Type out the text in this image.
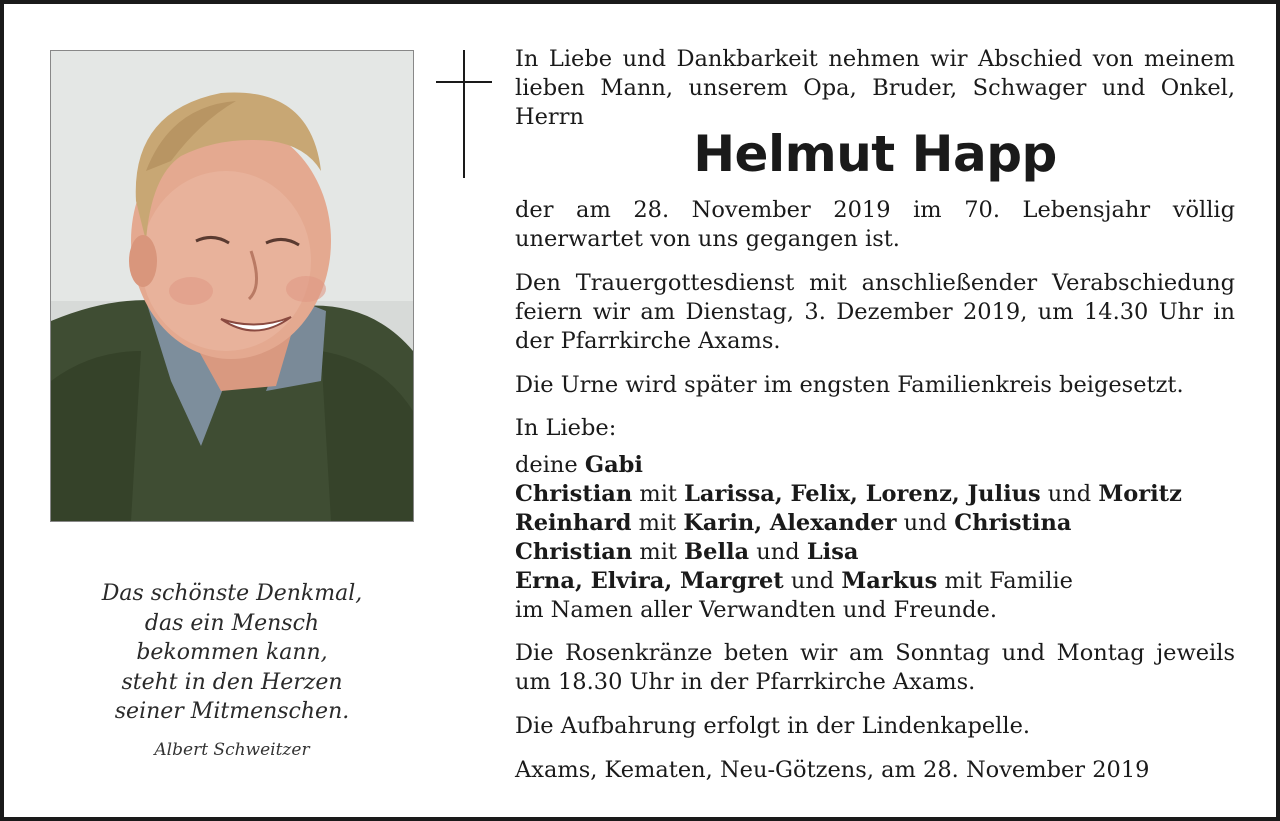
Das schönste Denkmal,
das ein Mensch
bekommen kann,
steht in den Herzen
seiner Mitmenschen.
Albert Schweitzer
In Liebe und Dankbarkeit nehmen wir Abschied von meinem lieben Mann, unserem Opa, Bruder, Schwager und Onkel, Herrn
Helmut Happ
der am 28. November 2019 im 70. Lebensjahr völlig unerwartet von uns gegangen ist.
Den Trauergottesdienst mit anschließender Verabschiedung feiern wir am Dienstag, 3. Dezember 2019, um 14.30 Uhr in der Pfarrkirche Axams.
Die Urne wird später im engsten Familienkreis beigesetzt.
In Liebe:
deine Gabi
Christian mit Larissa, Felix, Lorenz, Julius und Moritz
Reinhard mit Karin, Alexander und Christina
Christian mit Bella und Lisa
Erna, Elvira, Margret und Markus mit Familie
im Namen aller Verwandten und Freunde.
Die Rosenkränze beten wir am Sonntag und Montag jeweils um 18.30 Uhr in der Pfarrkirche Axams.
Die Aufbahrung erfolgt in der Lindenkapelle.
Axams, Kematen, Neu-Götzens, am 28. November 2019
